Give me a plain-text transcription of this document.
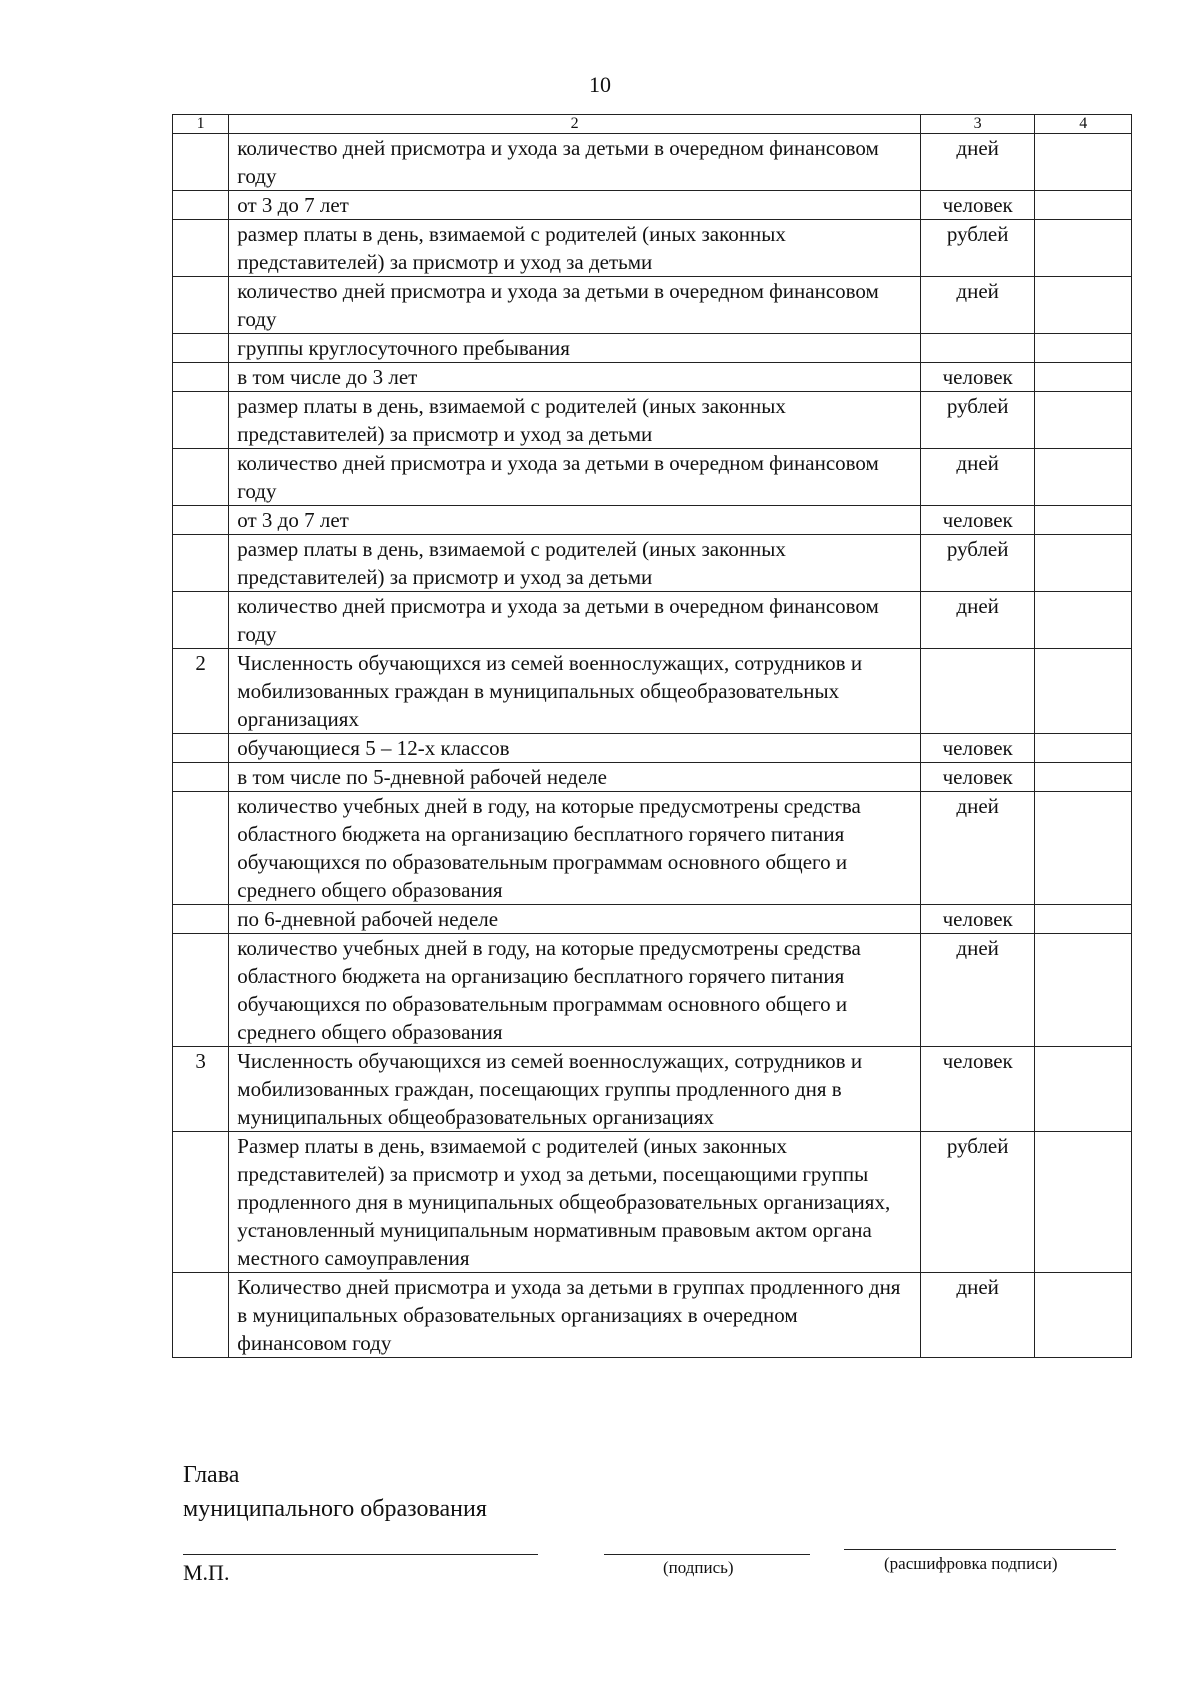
10
1	2	3	4
	количество дней присмотра и ухода за детьми в очередном финансовом году	дней	
	от 3 до 7 лет	человек	
	размер платы в день, взимаемой с родителей (иных законных представителей) за присмотр и уход за детьми	рублей	
	количество дней присмотра и ухода за детьми в очередном финансовом году	дней	
	группы круглосуточного пребывания		
	в том числе до 3 лет	человек	
	размер платы в день, взимаемой с родителей (иных законных представителей) за присмотр и уход за детьми	рублей	
	количество дней присмотра и ухода за детьми в очередном финансовом году	дней	
	от 3 до 7 лет	человек	
	размер платы в день, взимаемой с родителей (иных законных представителей) за присмотр и уход за детьми	рублей	
	количество дней присмотра и ухода за детьми в очередном финансовом году	дней	
2	Численность обучающихся из семей военнослужащих, сотрудников и мобилизованных граждан в муниципальных общеобразовательных организациях		
	обучающиеся 5 – 12-х классов	человек	
	в том числе по 5-дневной рабочей неделе	человек	
	количество учебных дней в году, на которые предусмотрены средства областного бюджета на организацию бесплатного горячего питания обучающихся по образовательным программам основного общего и среднего общего образования	дней	
	по 6-дневной рабочей неделе	человек	
	количество учебных дней в году, на которые предусмотрены средства областного бюджета на организацию бесплатного горячего питания обучающихся по образовательным программам основного общего и среднего общего образования	дней	
3	Численность обучающихся из семей военнослужащих, сотрудников и мобилизованных граждан, посещающих группы продленного дня в муниципальных общеобразовательных организациях	человек	
	Размер платы в день, взимаемой с родителей (иных законных представителей) за присмотр и уход за детьми, посещающими группы продленного дня в муниципальных общеобразовательных организациях, установленный муниципальным нормативным правовым актом органа местного самоуправления	рублей	
	Количество дней присмотра и ухода за детьми в группах продленного дня в муниципальных образовательных организациях в очередном финансовом году	дней	
Глава
муниципального образования
М.П.	(подпись)	(расшифровка подписи)
